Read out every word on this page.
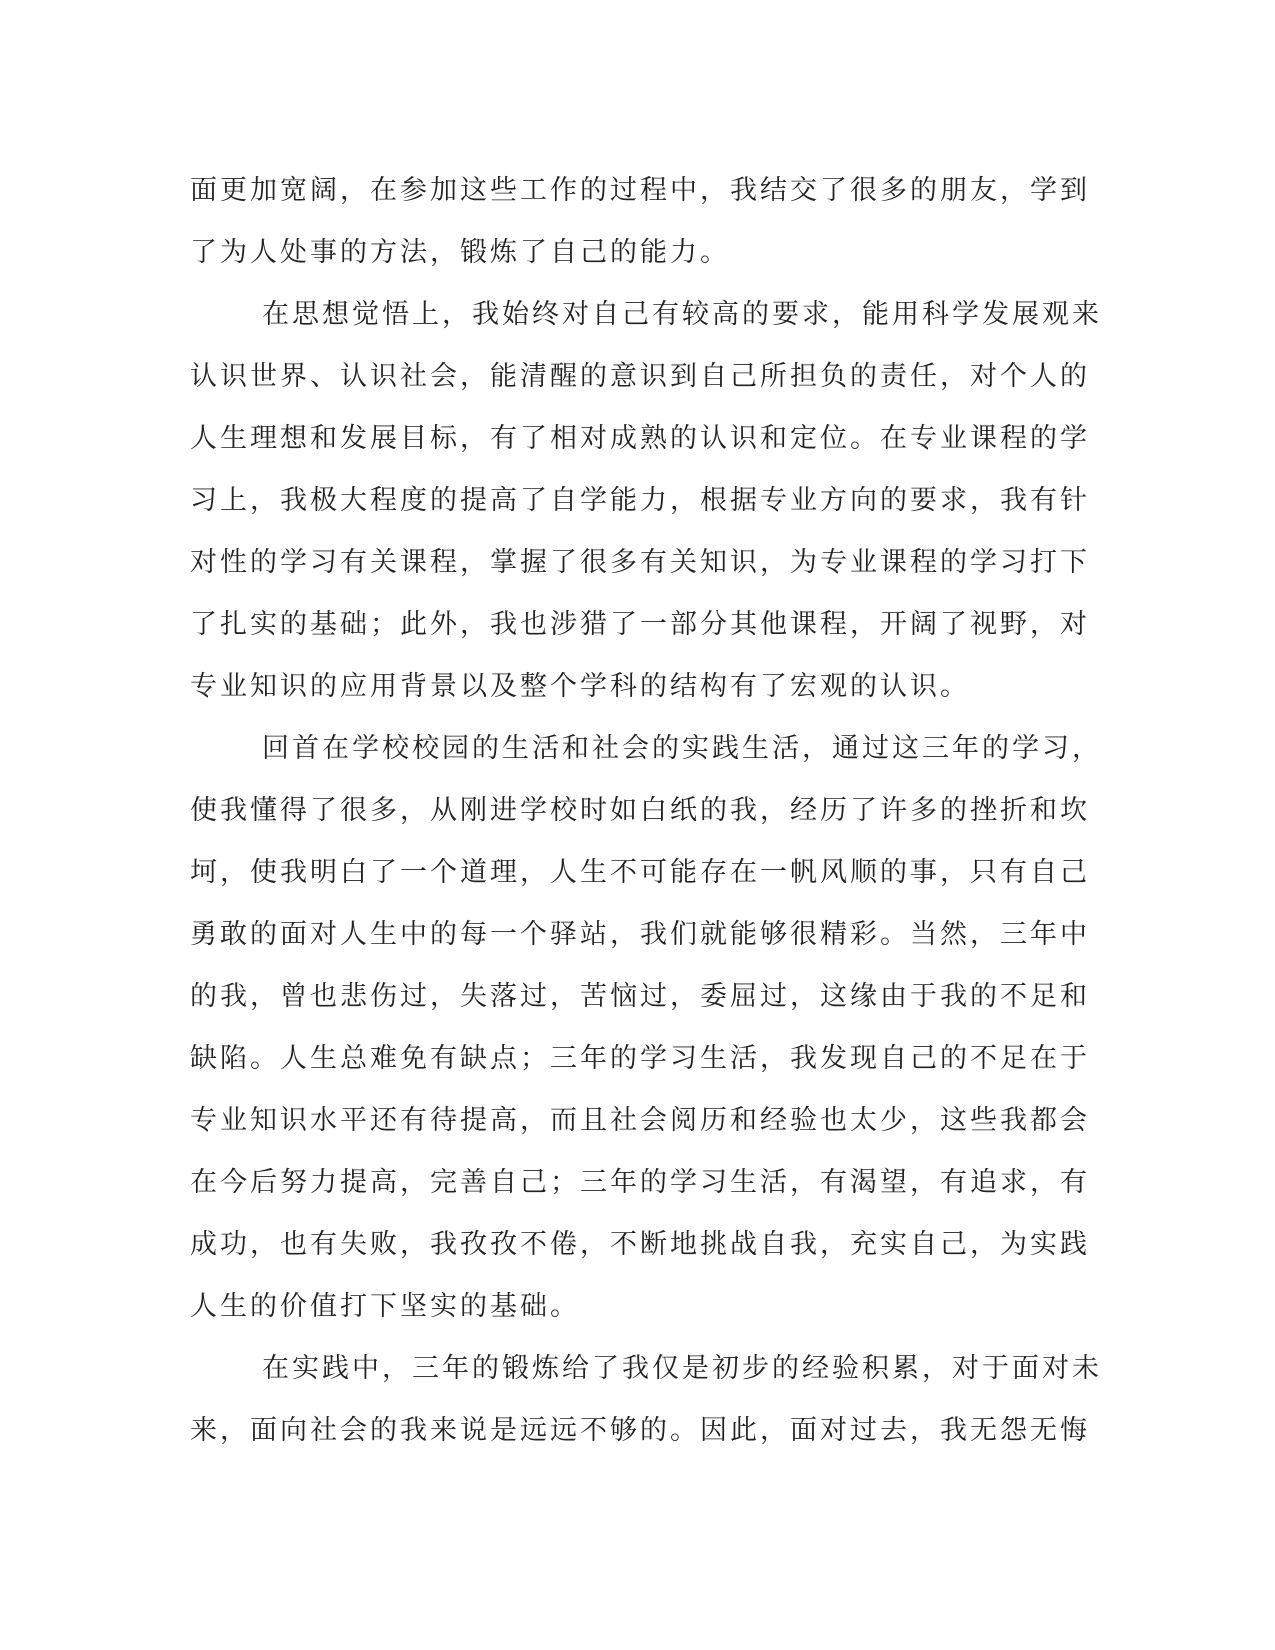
面更加宽阔，在参加这些工作的过程中，我结交了很多的朋友，学到
了为人处事的方法，锻炼了自己的能力。
在思想觉悟上，我始终对自己有较高的要求，能用科学发展观来
认识世界、认识社会，能清醒的意识到自己所担负的责任，对个人的
人生理想和发展目标，有了相对成熟的认识和定位。在专业课程的学
习上，我极大程度的提高了自学能力，根据专业方向的要求，我有针
对性的学习有关课程，掌握了很多有关知识，为专业课程的学习打下
了扎实的基础；此外，我也涉猎了一部分其他课程，开阔了视野，对
专业知识的应用背景以及整个学科的结构有了宏观的认识。
回首在学校校园的生活和社会的实践生活，通过这三年的学习，
使我懂得了很多，从刚进学校时如白纸的我，经历了许多的挫折和坎
坷，使我明白了一个道理，人生不可能存在一帆风顺的事，只有自己
勇敢的面对人生中的每一个驿站，我们就能够很精彩。当然，三年中
的我，曾也悲伤过，失落过，苦恼过，委屈过，这缘由于我的不足和
缺陷。人生总难免有缺点；三年的学习生活，我发现自己的不足在于
专业知识水平还有待提高，而且社会阅历和经验也太少，这些我都会
在今后努力提高，完善自己；三年的学习生活，有渴望，有追求，有
成功，也有失败，我孜孜不倦，不断地挑战自我，充实自己，为实践
人生的价值打下坚实的基础。
在实践中，三年的锻炼给了我仅是初步的经验积累，对于面对未
来，面向社会的我来说是远远不够的。因此，面对过去，我无怨无悔
